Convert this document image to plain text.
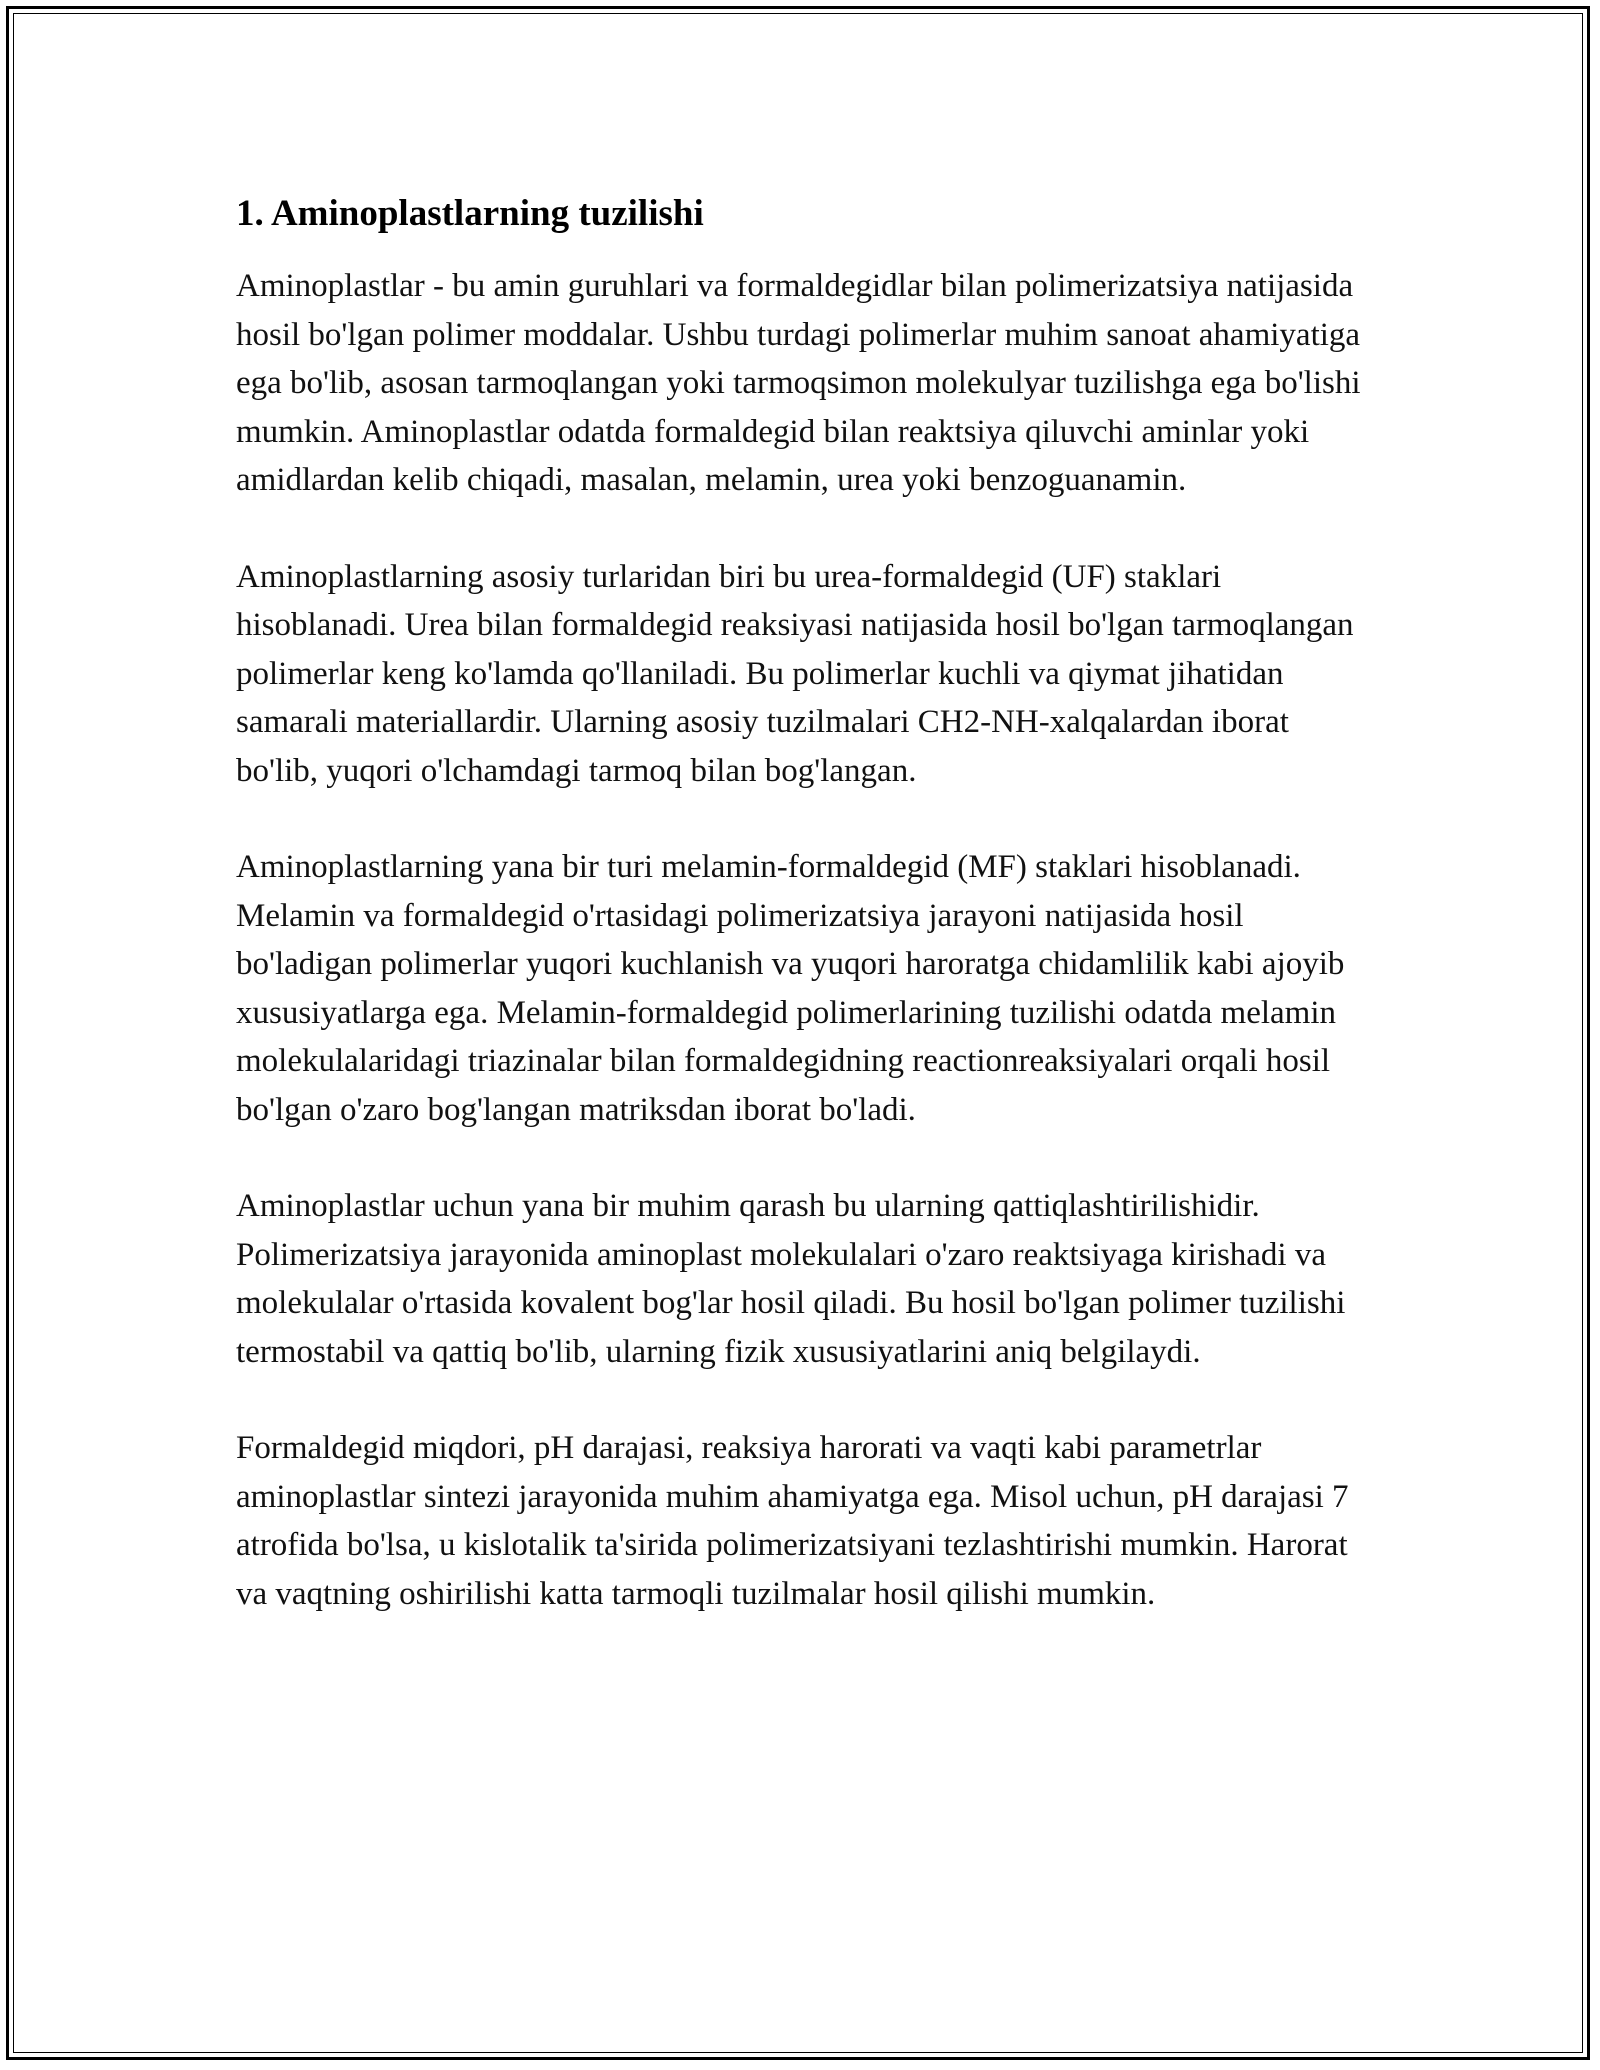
1. Aminoplastlarning tuzilishi

Aminoplastlar - bu amin guruhlari va formaldegidlar bilan polimerizatsiya natijasida hosil bo'lgan polimer moddalar. Ushbu turdagi polimerlar muhim sanoat ahamiyatiga ega bo'lib, asosan tarmoqlangan yoki tarmoqsimon molekulyar tuzilishga ega bo'lishi mumkin. Aminoplastlar odatda formaldegid bilan reaktsiya qiluvchi aminlar yoki amidlardan kelib chiqadi, masalan, melamin, urea yoki benzoguanamin.

Aminoplastlarning asosiy turlaridan biri bu urea-formaldegid (UF) staklari hisoblanadi. Urea bilan formaldegid reaksiyasi natijasida hosil bo'lgan tarmoqlangan polimerlar keng ko'lamda qo'llaniladi. Bu polimerlar kuchli va qiymat jihatidan samarali materiallardir. Ularning asosiy tuzilmalari CH2-NH-xalqalardan iborat bo'lib, yuqori o'lchamdagi tarmoq bilan bog'langan.

Aminoplastlarning yana bir turi melamin-formaldegid (MF) staklari hisoblanadi. Melamin va formaldegid o'rtasidagi polimerizatsiya jarayoni natijasida hosil bo'ladigan polimerlar yuqori kuchlanish va yuqori haroratga chidamlilik kabi ajoyib xususiyatlarga ega. Melamin-formaldegid polimerlarining tuzilishi odatda melamin molekulalaridagi triazinalar bilan formaldegidning reactionreaksiyalari orqali hosil bo'lgan o'zaro bog'langan matriksdan iborat bo'ladi.

Aminoplastlar uchun yana bir muhim qarash bu ularning qattiqlashtirilishidir. Polimerizatsiya jarayonida aminoplast molekulalari o'zaro reaktsiyaga kirishadi va molekulalar o'rtasida kovalent bog'lar hosil qiladi. Bu hosil bo'lgan polimer tuzilishi termostabil va qattiq bo'lib, ularning fizik xususiyatlarini aniq belgilaydi.

Formaldegid miqdori, pH darajasi, reaksiya harorati va vaqti kabi parametrlar aminoplastlar sintezi jarayonida muhim ahamiyatga ega. Misol uchun, pH darajasi 7 atrofida bo'lsa, u kislotalik ta'sirida polimerizatsiyani tezlashtirishi mumkin. Harorat va vaqtning oshirilishi katta tarmoqli tuzilmalar hosil qilishi mumkin.
